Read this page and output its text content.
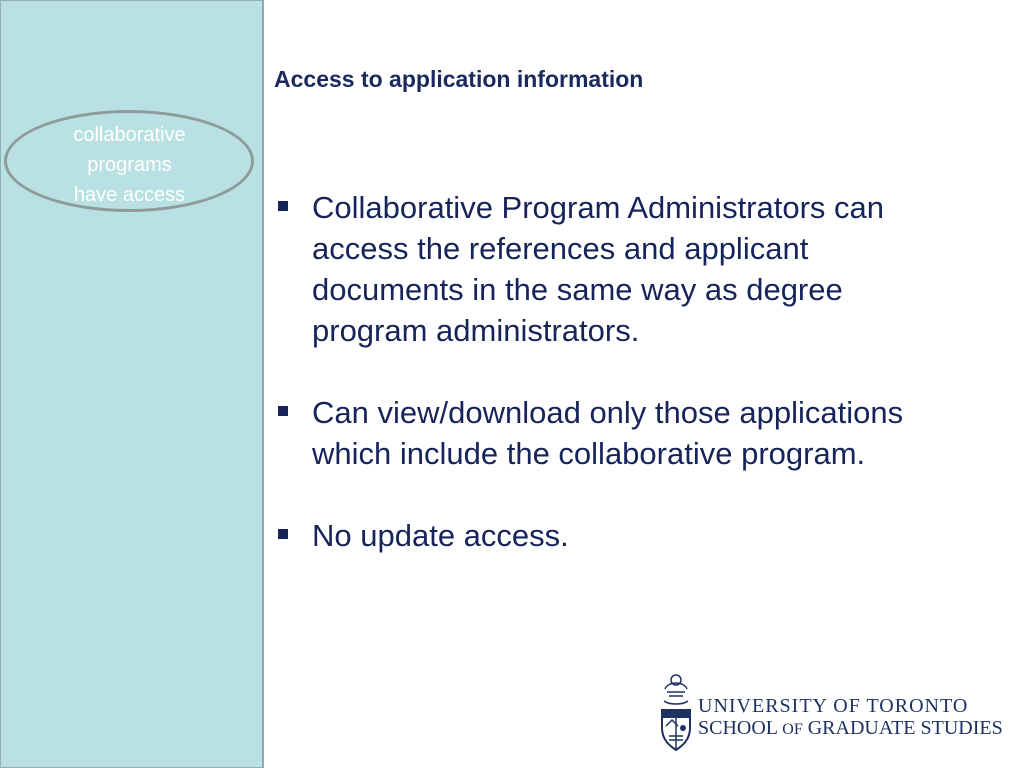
collaborative
programs
have access
Access to application information
Collaborative Program Administrators can access the references and applicant documents in the same way as degree program administrators.
Can view/download only those applications which include the collaborative program.
No update access.

UNIVERSITY OF TORONTO

SCHOOL OF GRADUATE STUDIES
